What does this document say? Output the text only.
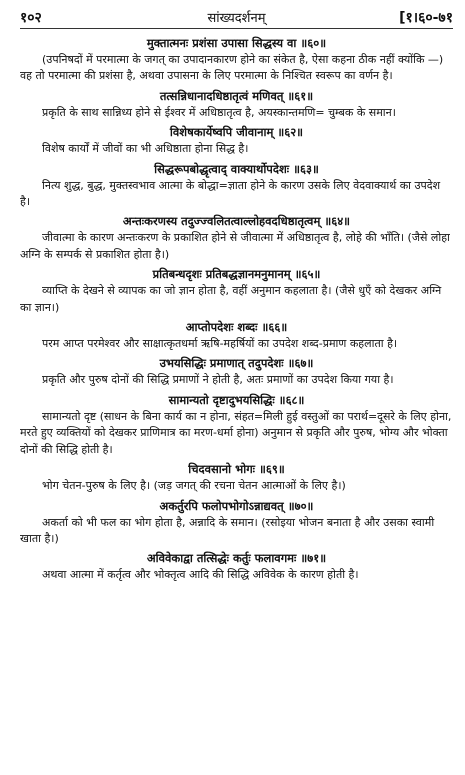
१०२	सांख्यदर्शनम्	[१।६०-७१
मुक्तात्मनः प्रशंसा उपासा सिद्धस्य वा ॥६०॥

(उपनिषदों में परमात्मा के जगत् का उपादानकारण होने का संकेत है, ऐसा कहना ठीक नहीं क्योंकि —) वह तो परमात्मा की प्रशंसा है, अथवा उपासना के लिए परमात्मा के निश्चित स्वरूप का वर्णन है।

तत्सन्निधानादधिष्ठातृत्वं मणिवत् ॥६१॥

प्रकृति के साथ सान्निध्य होने से ईश्वर में अधिष्ठातृत्व है, अयस्कान्तमणि= चुम्बक के समान।

विशेषकार्येष्वपि जीवानाम् ॥६२॥

विशेष कार्यों में जीवों का भी अधिष्ठाता होना सिद्ध है।

सिद्धरूपबोद्धृत्वाद् वाक्यार्थोपदेशः ॥६३॥

नित्य शुद्ध, बुद्ध, मुक्तस्वभाव आत्मा के बोद्धा=ज्ञाता होने के कारण उसके लिए वेदवाक्यार्थ का उपदेश है।

अन्तःकरणस्य तदुज्ज्वलितत्वाल्लोहवदधिष्ठातृत्वम् ॥६४॥

जीवात्मा के कारण अन्तःकरण के प्रकाशित होने से जीवात्मा में अधिष्ठातृत्व है, लोहे की भाँति। (जैसे लोहा अग्नि के सम्पर्क से प्रकाशित होता है।)

प्रतिबन्धदृशः प्रतिबद्धज्ञानमनुमानम् ॥६५॥

व्याप्ति के देखने से व्यापक का जो ज्ञान होता है, वहीं अनुमान कहलाता है। (जैसे धुएँ को देखकर अग्नि का ज्ञान।)

आप्तोपदेशः शब्दः ॥६६॥

परम आप्त परमेश्वर और साक्षात्कृतधर्मा ऋषि-महर्षियों का उपदेश शब्द-प्रमाण कहलाता है।

उभयसिद्धिः प्रमाणात् तदुपदेशः ॥६७॥

प्रकृति और पुरुष दोनों की सिद्धि प्रमाणों ने होती है, अतः प्रमाणों का उपदेश किया गया है।

सामान्यतो दृष्टादुभयसिद्धिः ॥६८॥

सामान्यतो दृष्ट (साधन के बिना कार्य का न होना, संहत=मिली हुई वस्तुओं का परार्थ=दूसरे के लिए होना, मरते हुए व्यक्तियों को देखकर प्राणिमात्र का मरण-धर्मा होना) अनुमान से प्रकृति और पुरुष, भोग्य और भोक्ता दोनों की सिद्धि होती है।

चिदवसानो भोगः ॥६९॥

भोग चेतन-पुरुष के लिए है। (जड़ जगत् की रचना चेतन आत्माओं के लिए है।)

अकर्तुरपि फलोपभोगोऽन्नाद्यवत् ॥७०॥

अकर्ता को भी फल का भोग होता है, अन्नादि के समान। (रसोइया भोजन बनाता है और उसका स्वामी खाता है।)

अविवेकाद्वा तत्सिद्धेः कर्तुः फलावगमः ॥७१॥

अथवा आत्मा में कर्तृत्व और भोक्तृत्व आदि की सिद्धि अविवेक के कारण होती है।
